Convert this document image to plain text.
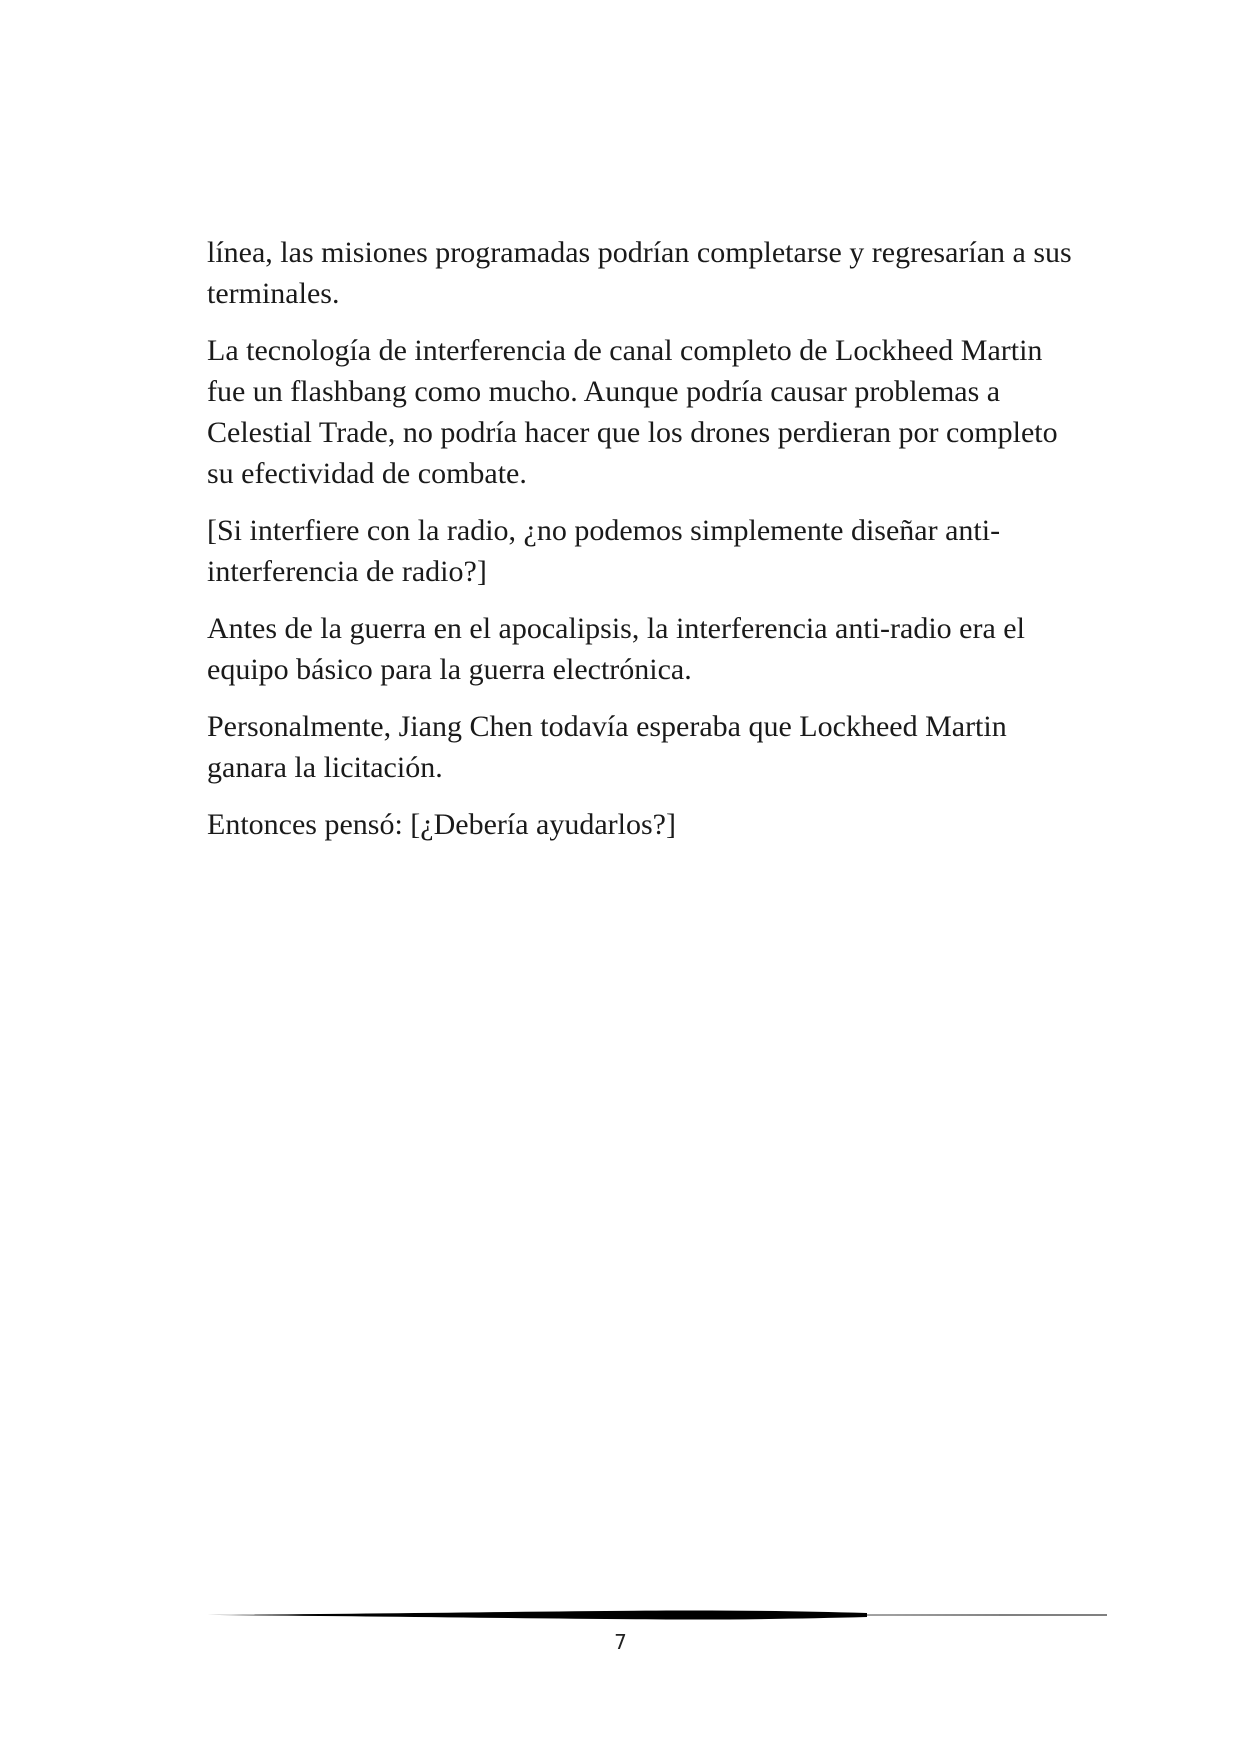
línea, las misiones programadas podrían completarse y regresarían a sus terminales.

La tecnología de interferencia de canal completo de Lockheed Martin fue un flashbang como mucho. Aunque podría causar problemas a Celestial Trade, no podría hacer que los drones perdieran por completo su efectividad de combate.

[Si interfiere con la radio, ¿no podemos simplemente diseñar anti-interferencia de radio?]

Antes de la guerra en el apocalipsis, la interferencia anti-radio era el equipo básico para la guerra electrónica.

Personalmente, Jiang Chen todavía esperaba que Lockheed Martin ganara la licitación.

Entonces pensó: [¿Debería ayudarlos?]

7
